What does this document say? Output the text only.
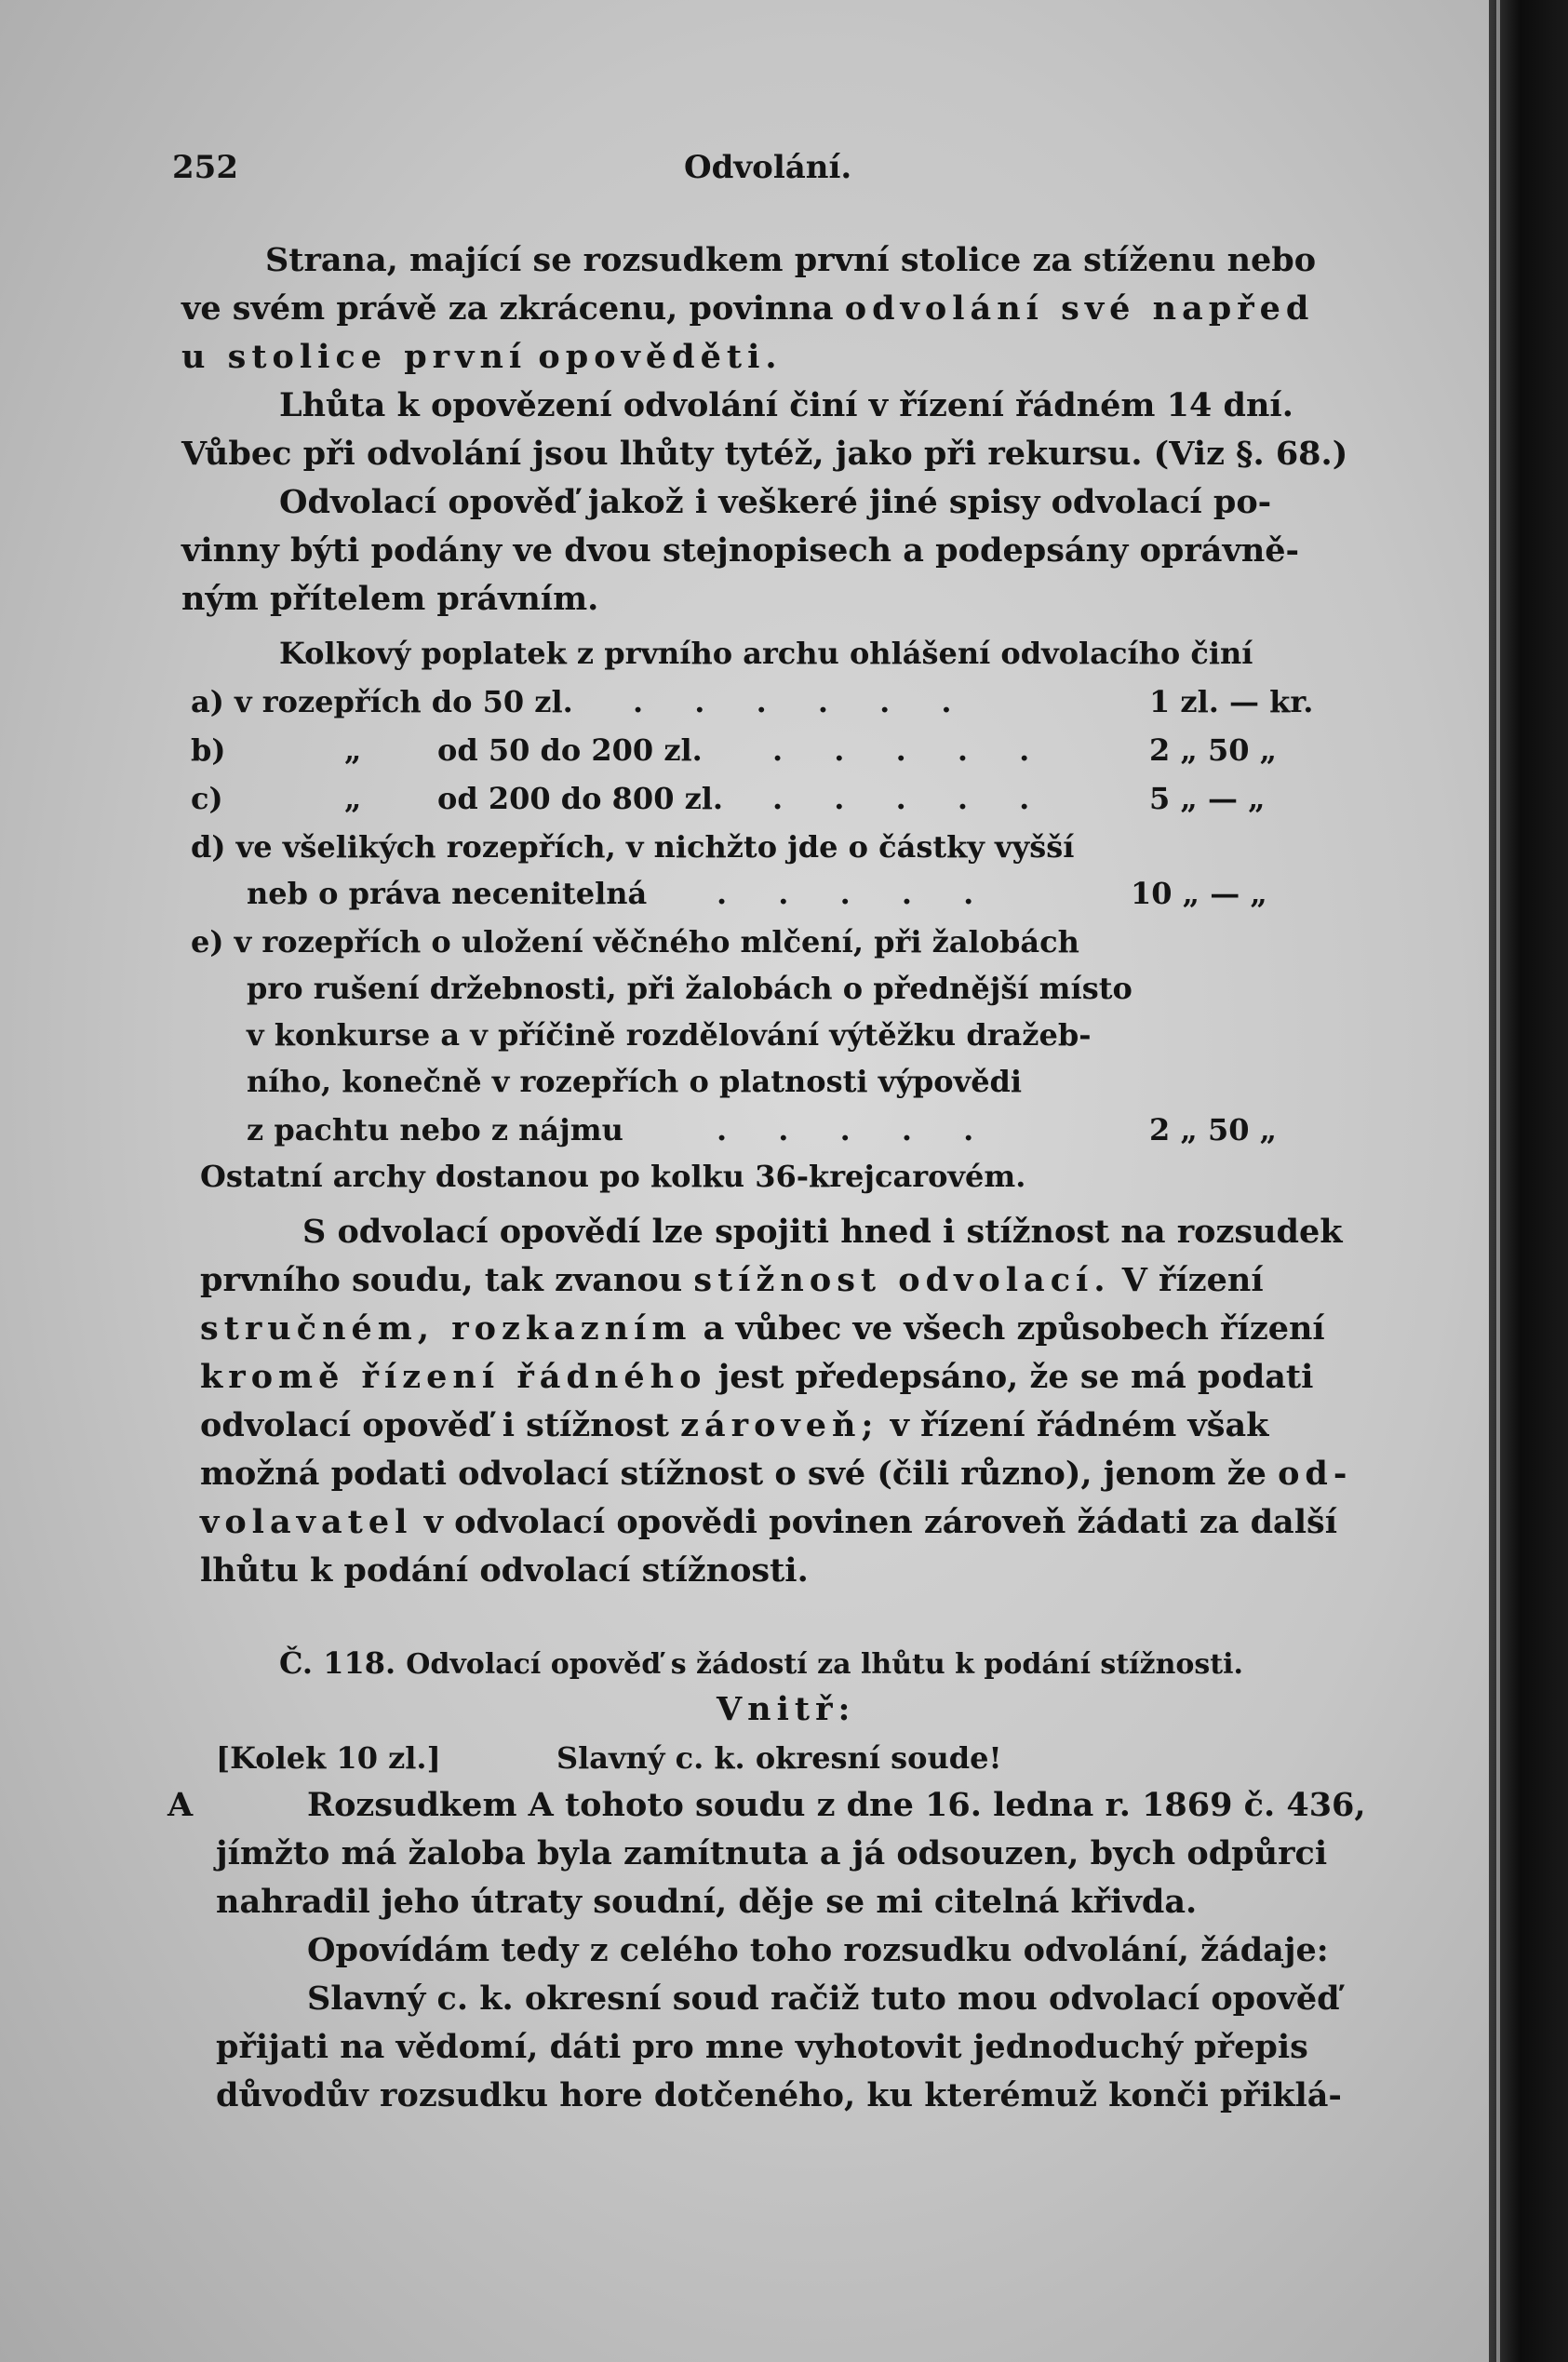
252	Odvolání.
Strana, mající se rozsudkem první stolice za stíženu nebo
ve svém právě za zkrácenu, povinna odvolání své napřed
u stolice první opověděti.
Lhůta k opovězení odvolání činí v řízení řádném 14 dní.
Vůbec při odvolání jsou lhůty tytéž, jako při rekursu. (Viz §. 68.)
Odvolací opověď jakož i veškeré jiné spisy odvolací po-
vinny býti podány ve dvou stejnopisech a podepsány oprávně-
ným přítelem právním.
Kolkový poplatek z prvního archu ohlášení odvolacího činí
a) v rozepřích do 50 zl. . . . . . .	1 zl. — kr.
b)	„	od 50 do 200 zl. . . . . .	2 „ 50 „
c)	„	od 200 do 800 zl. . . . . .	5 „ — „
d) ve všelikých rozepřích, v nichžto jde o částky vyšší
neb o práva necenitelná . . . . .	10 „ — „
e) v rozepřích o uložení věčného mlčení, při žalobách
pro rušení držebnosti, při žalobách o přednější místo
v konkurse a v příčině rozdělování výtěžku dražeb-
ního, konečně v rozepřích o platnosti výpovědi
z pachtu nebo z nájmu	. . . . .	2 „ 50 „
Ostatní archy dostanou po kolku 36-krejcarovém.
S odvolací opovědí lze spojiti hned i stížnost na rozsudek
prvního soudu, tak zvanou stížnost odvolací. V řízení
stručném, rozkazním a vůbec ve všech způsobech řízení
kromě řízení řádného jest předepsáno, že se má podati
odvolací opověď i stížnost zároveň; v řízení řádném však
možná podati odvolací stížnost o své (čili různo), jenom že od-
volavatel v odvolací opovědi povinen zároveň žádati za další
lhůtu k podání odvolací stížnosti.
Č. 118. Odvolací opověď s žádostí za lhůtu k podání stížnosti.
Vnitř:
[Kolek 10 zl.]	Slavný c. k. okresní soude!
A	Rozsudkem A tohoto soudu z dne 16. ledna r. 1869 č. 436,
jímžto má žaloba byla zamítnuta a já odsouzen, bych odpůrci
nahradil jeho útraty soudní, děje se mi citelná křivda.
Opovídám tedy z celého toho rozsudku odvolání, žádaje:
Slavný c. k. okresní soud račiž tuto mou odvolací opověď
přijati na vědomí, dáti pro mne vyhotovit jednoduchý přepis
důvodův rozsudku hore dotčeného, ku kterémuž konči přiklá-
